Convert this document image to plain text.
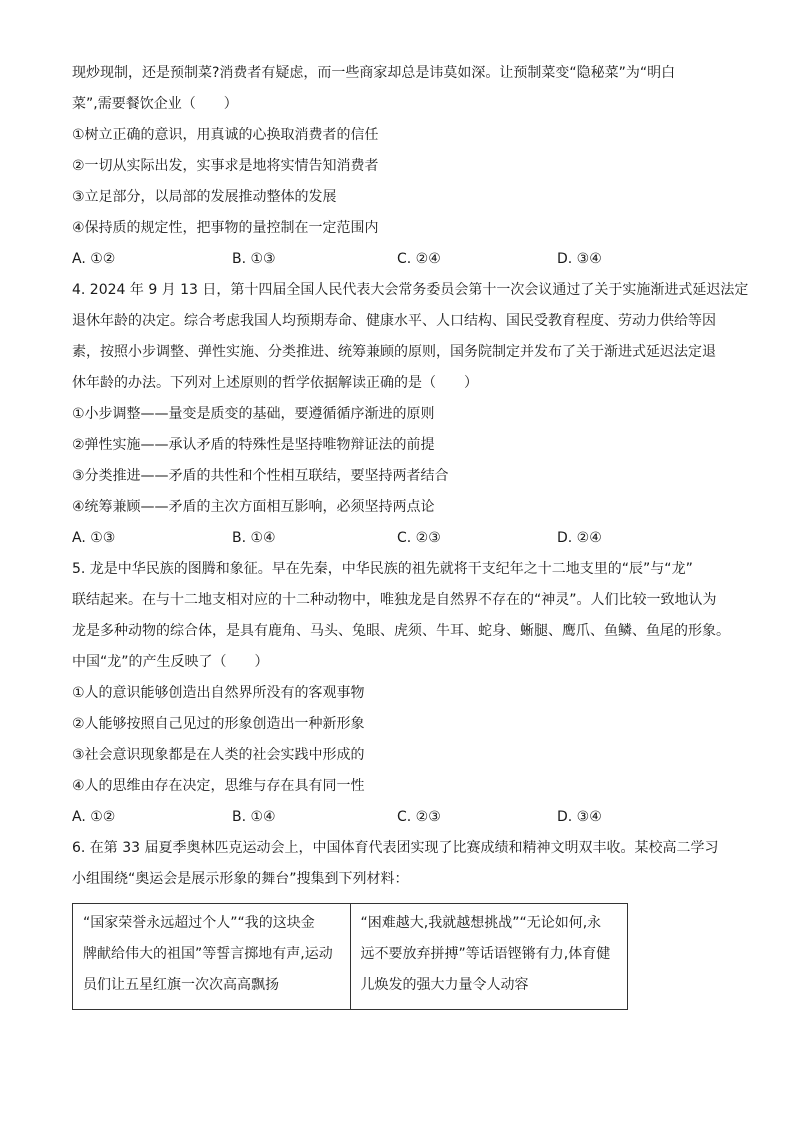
现炒现制，还是预制菜?消费者有疑虑，而一些商家却总是讳莫如深。让预制菜变“隐秘菜”为“明白
菜”,需要餐饮企业（　　）
①树立正确的意识，用真诚的心换取消费者的信任
②一切从实际出发，实事求是地将实情告知消费者
③立足部分，以局部的发展推动整体的发展
④保持质的规定性，把事物的量控制在一定范围内
A. ①②	B. ①③	C. ②④	D. ③④
4. 2024 年 9 月 13 日，第十四届全国人民代表大会常务委员会第十一次会议通过了关于实施渐进式延迟法定
退休年龄的决定。综合考虑我国人均预期寿命、健康水平、人口结构、国民受教育程度、劳动力供给等因
素，按照小步调整、弹性实施、分类推进、统筹兼顾的原则，国务院制定并发布了关于渐进式延迟法定退
休年龄的办法。下列对上述原则的哲学依据解读正确的是（　　）
①小步调整——量变是质变的基础，要遵循循序渐进的原则
②弹性实施——承认矛盾的特殊性是坚持唯物辩证法的前提
③分类推进——矛盾的共性和个性相互联结，要坚持两者结合
④统筹兼顾——矛盾的主次方面相互影响，必须坚持两点论
A. ①③	B. ①④	C. ②③	D. ②④
5. 龙是中华民族的图腾和象征。早在先秦，中华民族的祖先就将干支纪年之十二地支里的“辰”与“龙”
联结起来。在与十二地支相对应的十二种动物中，唯独龙是自然界不存在的“神灵”。人们比较一致地认为
龙是多种动物的综合体，是具有鹿角、马头、兔眼、虎须、牛耳、蛇身、蜥腿、鹰爪、鱼鳞、鱼尾的形象。
中国“龙”的产生反映了（　　）
①人的意识能够创造出自然界所没有的客观事物
②人能够按照自己见过的形象创造出一种新形象
③社会意识现象都是在人类的社会实践中形成的
④人的思维由存在决定，思维与存在具有同一性
A. ①②	B. ①④	C. ②③	D. ③④
6. 在第 33 届夏季奥林匹克运动会上，中国体育代表团实现了比赛成绩和精神文明双丰收。某校高二学习
小组围绕“奥运会是展示形象的舞台”搜集到下列材料：
“国家荣誉永远超过个人”“我的这块金
牌献给伟大的祖国”等誓言掷地有声,运动
员们让五星红旗一次次高高飘扬

“困难越大,我就越想挑战”“无论如何,永
远不要放弃拼搏”等话语铿锵有力,体育健
儿焕发的强大力量令人动容
